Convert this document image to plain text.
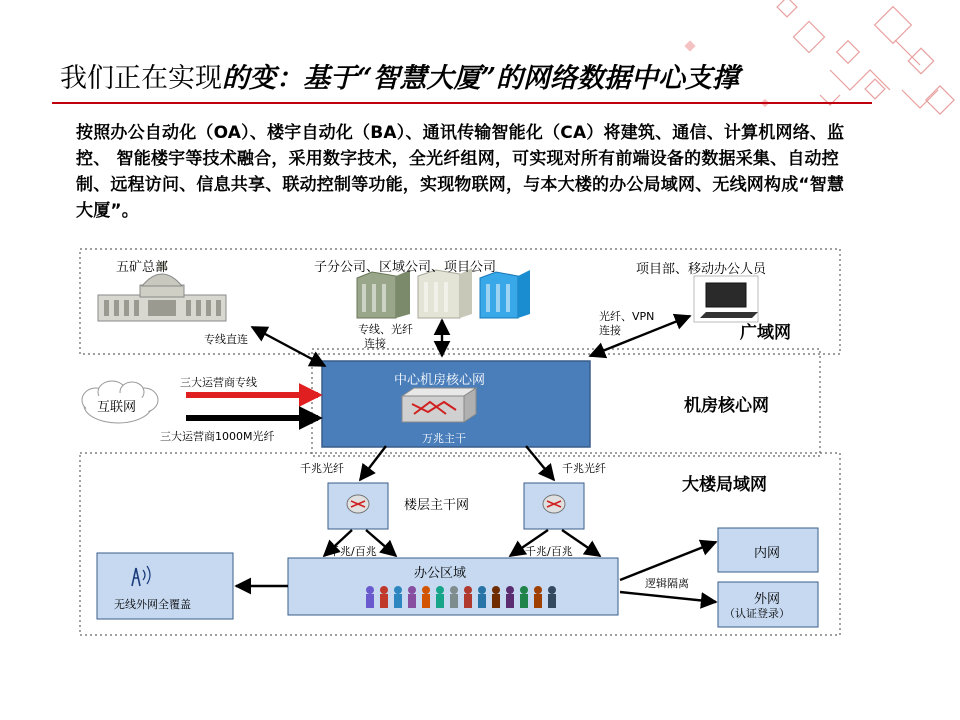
我们正在实现的变：基于“智慧大厦”的网络数据中心支撑
按照办公自动化（OA）、楼宇自动化（BA）、通讯传输智能化（CA）将建筑、通信、计算机网络、监控、 智能楼宇等技术融合，采用数字技术，全光纤组网，可实现对所有前端设备的数据采集、自动控制、远程访问、信息共享、联动控制等功能，实现物联网，与本大楼的办公局域网、无线网构成“智慧大厦”。
五矿总部	子分公司、区域公司、项目公司	项目部、移动办公人员
专线直连
专线、光纤
连接
光纤、VPN
连接	广域网
中心机房核心网
万兆主干
机房核心网
互联网
三大运营商专线
三大运营商1000M光纤
大楼局域网
千兆光纤	千兆光纤
楼层主干网
千兆/百兆	千兆/百兆
办公区域
无线外网全覆盖
逻辑隔离
内网
外网
（认证登录）
